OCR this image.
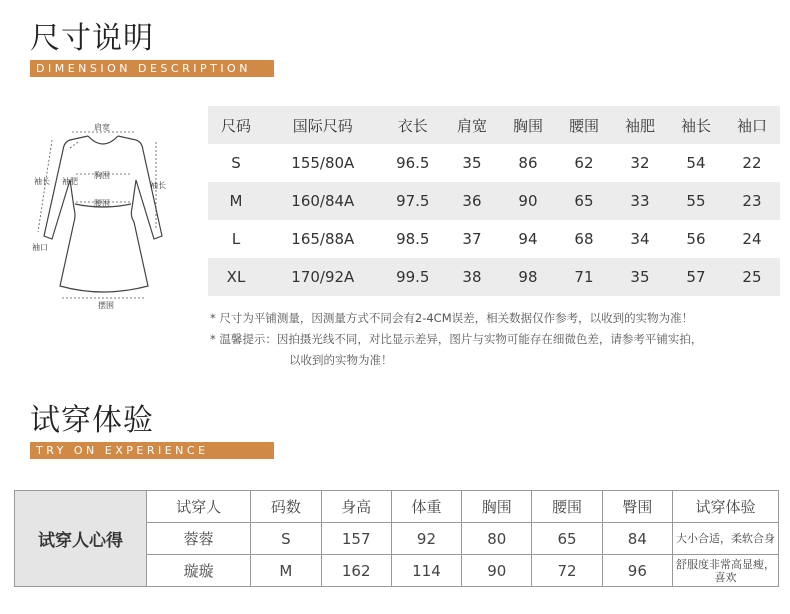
尺寸说明
DIMENSION DESCRIPTION
肩宽
袖肥
袖长	袖长
胸围
腰围
袖口
摆围
尺码	国际尺码	衣长	肩宽	胸围	腰围	袖肥	袖长	袖口
S	155/80A	96.5	35	86	62	32	54	22
M	160/84A	97.5	36	90	65	33	55	23
L	165/88A	98.5	37	94	68	34	56	24
XL	170/92A	99.5	38	98	71	35	57	25
* 尺寸为平铺测量，因测量方式不同会有2-4CM误差，相关数据仅作参考，以收到的实物为准！
* 温馨提示：因拍摄光线不同，对比显示差异，图片与实物可能存在细微色差，请参考平铺实拍，
以收到的实物为准！
试穿体验
TRY ON EXPERIENCE
试穿人心得	试穿人	码数	身高	体重	胸围	腰围	臀围	试穿体验
	蓉蓉	S	157	92	80	65	84	大小合适，柔软合身
	璇璇	M	162	114	90	72	96	舒服度非常高显瘦，喜欢
